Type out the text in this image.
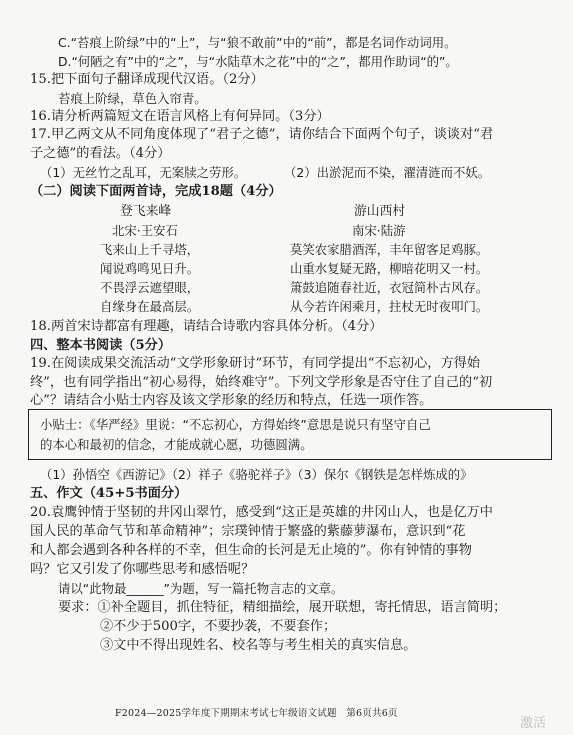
C.“苔痕上阶绿”中的“上”，与“狼不敢前”中的“前”，都是名词作动词用。
D.“何陋之有”中的“之”，与“水陆草木之花”中的“之”，都用作助词“的”。
15.把下面句子翻译成现代汉语。（2分）
苔痕上阶绿，草色入帘青。
16.请分析两篇短文在语言风格上有何异同。（3分）
17.甲乙两文从不同角度体现了“君子之德”，请你结合下面两个句子，谈谈对“君
子之德”的看法。（4分）
（1）无丝竹之乱耳，无案牍之劳形。	（2）出淤泥而不染，濯清涟而不妖。
（二）阅读下面两首诗，完成18题（4分）
登飞来峰
北宋·王安石
飞来山上千寻塔，
闻说鸡鸣见日升。
不畏浮云遮望眼，
自缘身在最高层。
游山西村
南宋·陆游
莫笑农家腊酒浑，丰年留客足鸡豚。
山重水复疑无路，柳暗花明又一村。
箫鼓追随春社近，衣冠简朴古风存。
从今若许闲乘月，拄杖无时夜叩门。
18.两首宋诗都富有理趣，请结合诗歌内容具体分析。（4分）
四、整本书阅读（5分）
19.在阅读成果交流活动“文学形象研讨”环节，有同学提出“不忘初心，方得始
终”，也有同学指出“初心易得，始终难守”。下列文学形象是否守住了自己的“初
心”？请结合小贴士内容及该文学形象的经历和特点，任选一项作答。
小贴士：《华严经》里说：“不忘初心，方得始终”意思是说只有坚守自己
的本心和最初的信念，才能成就心愿，功德圆满。
（1）孙悟空《西游记》（2）祥子《骆驼祥子》（3）保尔《钢铁是怎样炼成的》
五、作文（45+5书面分）
20.袁鹰钟情于坚韧的井冈山翠竹，感受到“这正是英雄的井冈山人，也是亿万中
国人民的革命气节和革命精神”；宗璞钟情于繁盛的紫藤萝瀑布，意识到“花
和人都会遇到各种各样的不幸，但生命的长河是无止境的”。你有钟情的事物
吗？它又引发了你哪些思考和感悟呢？
请以“此物最______”为题，写一篇托物言志的文章。
要求：①补全题目，抓住特征，精细描绘，展开联想，寄托情思，语言简明；
②不少于500字，不要抄袭，不要套作；
③文中不得出现姓名、校名等与考生相关的真实信息。
F2024—2025学年度下期期末考试七年级语文试题　第6页共6页
激活
